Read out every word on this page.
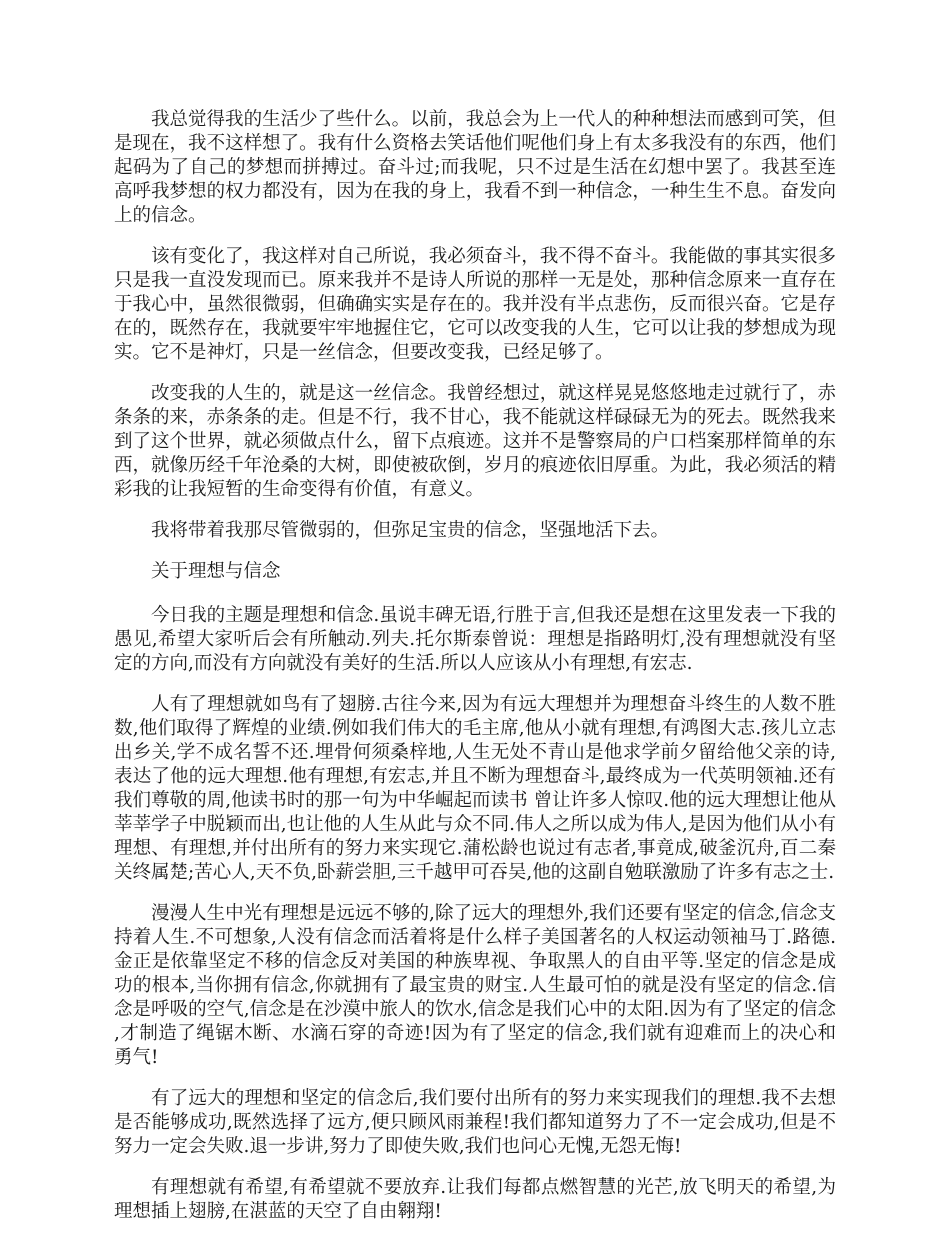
我总觉得我的生活少了些什么。以前，我总会为上一代人的种种想法而感到可笑，但是现在，我不这样想了。我有什么资格去笑话他们呢他们身上有太多我没有的东西，他们起码为了自己的梦想而拼搏过。奋斗过;而我呢，只不过是生活在幻想中罢了。我甚至连高呼我梦想的权力都没有，因为在我的身上，我看不到一种信念，一种生生不息。奋发向上的信念。

该有变化了，我这样对自己所说，我必须奋斗，我不得不奋斗。我能做的事其实很多只是我一直没发现而已。原来我并不是诗人所说的那样一无是处，那种信念原来一直存在于我心中，虽然很微弱，但确确实实是存在的。我并没有半点悲伤，反而很兴奋。它是存在的，既然存在，我就要牢牢地握住它，它可以改变我的人生，它可以让我的梦想成为现实。它不是神灯，只是一丝信念，但要改变我，已经足够了。

改变我的人生的，就是这一丝信念。我曾经想过，就这样晃晃悠悠地走过就行了，赤条条的来，赤条条的走。但是不行，我不甘心，我不能就这样碌碌无为的死去。既然我来到了这个世界，就必须做点什么，留下点痕迹。这并不是警察局的户口档案那样简单的东西，就像历经千年沧桑的大树，即使被砍倒，岁月的痕迹依旧厚重。为此，我必须活的精彩我的让我短暂的生命变得有价值，有意义。

我将带着我那尽管微弱的，但弥足宝贵的信念，坚强地活下去。

关于理想与信念

今日我的主题是理想和信念.虽说丰碑无语,行胜于言,但我还是想在这里发表一下我的愚见,希望大家听后会有所触动.列夫.托尔斯泰曾说：理想是指路明灯,没有理想就没有坚定的方向,而没有方向就没有美好的生活.所以人应该从小有理想,有宏志.

人有了理想就如鸟有了翅膀.古往今来,因为有远大理想并为理想奋斗终生的人数不胜数,他们取得了辉煌的业绩.例如我们伟大的毛主席,他从小就有理想,有鸿图大志.孩儿立志出乡关,学不成名誓不还.埋骨何须桑梓地,人生无处不青山是他求学前夕留给他父亲的诗,表达了他的远大理想.他有理想,有宏志,并且不断为理想奋斗,最终成为一代英明领袖.还有我们尊敬的周,他读书时的那一句为中华崛起而读书 曾让许多人惊叹.他的远大理想让他从莘莘学子中脱颖而出,也让他的人生从此与众不同.伟人之所以成为伟人,是因为他们从小有理想、有理想,并付出所有的努力来实现它.蒲松龄也说过有志者,事竟成,破釜沉舟,百二秦关终属楚;苦心人,天不负,卧薪尝胆,三千越甲可吞吴,他的这副自勉联激励了许多有志之士.

漫漫人生中光有理想是远远不够的,除了远大的理想外,我们还要有坚定的信念,信念支持着人生.不可想象,人没有信念而活着将是什么样子美国著名的人权运动领袖马丁.路德.金正是依靠坚定不移的信念反对美国的种族卑视、争取黑人的自由平等.坚定的信念是成功的根本,当你拥有信念,你就拥有了最宝贵的财宝.人生最可怕的就是没有坚定的信念.信念是呼吸的空气,信念是在沙漠中旅人的饮水,信念是我们心中的太阳.因为有了坚定的信念,才制造了绳锯木断、水滴石穿的奇迹!因为有了坚定的信念,我们就有迎难而上的决心和勇气!

有了远大的理想和坚定的信念后,我们要付出所有的努力来实现我们的理想.我不去想是否能够成功,既然选择了远方,便只顾风雨兼程!我们都知道努力了不一定会成功,但是不努力一定会失败.退一步讲,努力了即使失败,我们也问心无愧,无怨无悔!

有理想就有希望,有希望就不要放弃.让我们每都点燃智慧的光芒,放飞明天的希望,为理想插上翅膀,在湛蓝的天空了自由翱翔!
